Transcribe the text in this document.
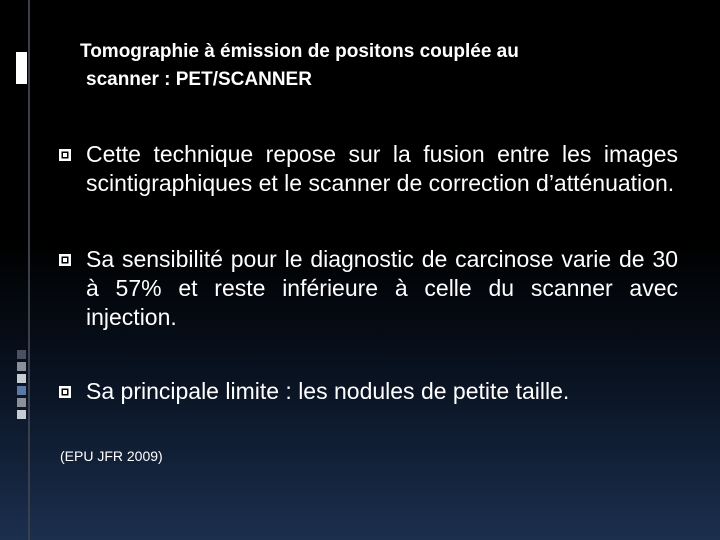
Tomographie à émission de positons couplée au
scanner : PET/SCANNER
Cette technique repose sur la fusion entre les images scintigraphiques et le scanner de correction d’atténuation.
Sa sensibilité pour le diagnostic de carcinose varie de 30 à 57% et reste inférieure à celle du scanner avec injection.
Sa principale limite : les nodules de petite taille.
(EPU JFR 2009)
